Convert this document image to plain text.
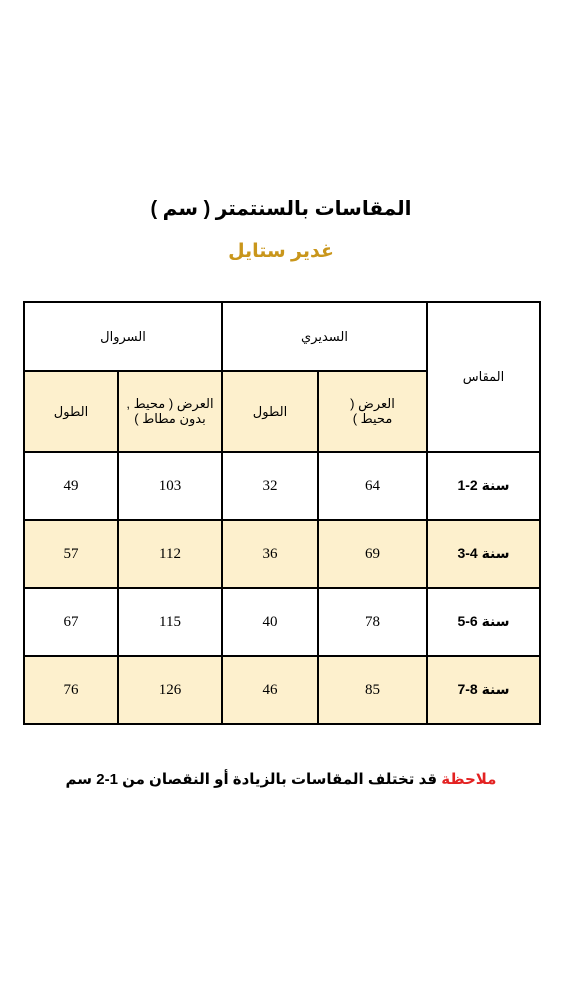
المقاسات بالسنتمتر ( سم )
غدير ستايل
السروال		السديري		المقاس
الطول	العرض ( محيط , بدون مطاط )	الطول	العرض ( محيط )	
49	103	32	64	1-2 سنة
57	112	36	69	3-4 سنة
67	115	40	78	5-6 سنة
76	126	46	85	7-8 سنة
ملاحظة قد تختلف المقاسات بالزيادة أو النقصان من 1-2 سم
